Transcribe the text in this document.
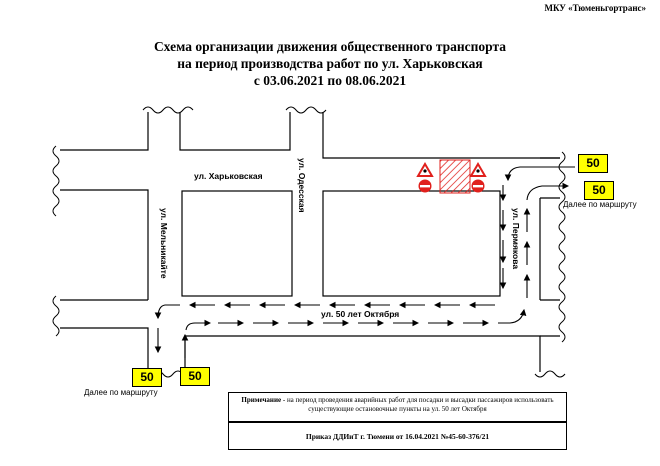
МКУ «Тюменьгортранс»
Схема организации движения общественного транспорта
на период производства работ по ул. Харьковская
с 03.06.2021 по 08.06.2021
ул. Харьковская	ул. Одесская
ул. Мельникайте	ул. Пермякова
ул. 50 лет Октября
50
50
50	50
Далее по маршруту
Далее по маршруту
Примечание - на период проведения аварийных работ для посадки и высадки пассажиров использовать существующие остановочные пункты на ул. 50 лет Октября
Приказ ДДИиТ г. Тюмени от 16.04.2021 №45-60-376/21
